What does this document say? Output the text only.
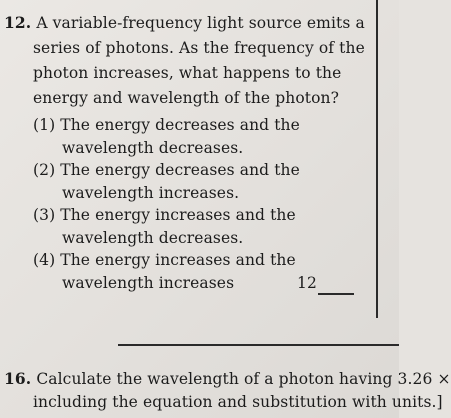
12. A variable-frequency light source emits a
series of photons. As the frequency of the
photon increases, what happens to the
energy and wavelength of the photon?
(1) The energy decreases and the
wavelength decreases.
(2) The energy decreases and the
wavelength increases.
(3) The energy increases and the
wavelength decreases.
(4) The energy increases and the
wavelength increases	12
16. Calculate the wavelength of a photon having 3.26 ×
including the equation and substitution with units.]
